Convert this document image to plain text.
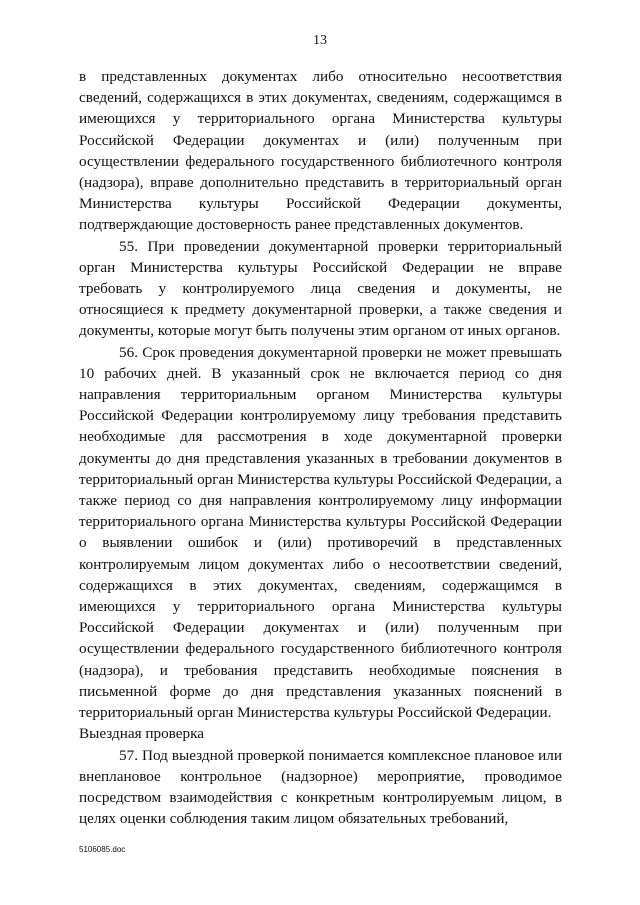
13

в представленных документах либо относительно несоответствия сведений, содержащихся в этих документах, сведениям, содержащимся в имеющихся у территориального органа Министерства культуры Российской Федерации документах и (или) полученным при осуществлении федерального государственного библиотечного контроля (надзора), вправе дополнительно представить в территориальный орган Министерства культуры Российской Федерации документы, подтверждающие достоверность ранее представленных документов.

55. При проведении документарной проверки территориальный орган Министерства культуры Российской Федерации не вправе требовать у контролируемого лица сведения и документы, не относящиеся к предмету документарной проверки, а также сведения и документы, которые могут быть получены этим органом от иных органов.

56. Срок проведения документарной проверки не может превышать 10 рабочих дней. В указанный срок не включается период со дня направления территориальным органом Министерства культуры Российской Федерации контролируемому лицу требования представить необходимые для рассмотрения в ходе документарной проверки документы до дня представления указанных в требовании документов в территориальный орган Министерства культуры Российской Федерации, а также период со дня направления контролируемому лицу информации территориального органа Министерства культуры Российской Федерации о выявлении ошибок и (или) противоречий в представленных контролируемым лицом документах либо о несоответствии сведений, содержащихся в этих документах, сведениям, содержащимся в имеющихся у территориального органа Министерства культуры Российской Федерации документах и (или) полученным при осуществлении федерального государственного библиотечного контроля (надзора), и требования представить необходимые пояснения в письменной форме до дня представления указанных пояснений в территориальный орган Министерства культуры Российской Федерации.

Выездная проверка

57. Под выездной проверкой понимается комплексное плановое или внеплановое контрольное (надзорное) мероприятие, проводимое посредством взаимодействия с конкретным контролируемым лицом, в целях оценки соблюдения таким лицом обязательных требований,

5106085.doc
